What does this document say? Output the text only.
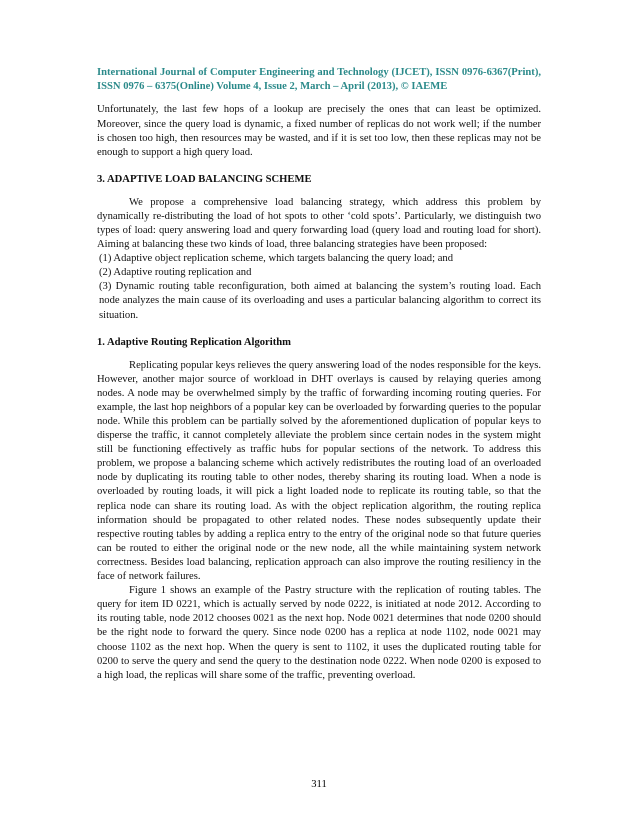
International Journal of Computer Engineering and Technology (IJCET), ISSN 0976-6367(Print), ISSN 0976 – 6375(Online) Volume 4, Issue 2, March – April (2013), © IAEME

Unfortunately, the last few hops of a lookup are precisely the ones that can least be optimized. Moreover, since the query load is dynamic, a fixed number of replicas do not work well; if the number is chosen too high, then resources may be wasted, and if it is set too low, then these replicas may not be enough to support a high query load.

3. ADAPTIVE LOAD BALANCING SCHEME

We propose a comprehensive load balancing strategy, which address this problem by dynamically re-distributing the load of hot spots to other ‘cold spots’. Particularly, we distinguish two types of load: query answering load and query forwarding load (query load and routing load for short). Aiming at balancing these two kinds of load, three balancing strategies have been proposed:

(1) Adaptive object replication scheme, which targets balancing the query load; and

(2) Adaptive routing replication and

(3) Dynamic routing table reconfiguration, both aimed at balancing the system’s routing load. Each node analyzes the main cause of its overloading and uses a particular balancing algorithm to correct its situation.

1. Adaptive Routing Replication Algorithm

Replicating popular keys relieves the query answering load of the nodes responsible for the keys. However, another major source of workload in DHT overlays is caused by relaying queries among nodes. A node may be overwhelmed simply by the traffic of forwarding incoming routing queries. For example, the last hop neighbors of a popular key can be overloaded by forwarding queries to the popular node. While this problem can be partially solved by the aforementioned duplication of popular keys to disperse the traffic, it cannot completely alleviate the problem since certain nodes in the system might still be functioning effectively as traffic hubs for popular sections of the network. To address this problem, we propose a balancing scheme which actively redistributes the routing load of an overloaded node by duplicating its routing table to other nodes, thereby sharing its routing load. When a node is overloaded by routing loads, it will pick a light loaded node to replicate its routing table, so that the replica node can share its routing load. As with the object replication algorithm, the routing replica information should be propagated to other related nodes. These nodes subsequently update their respective routing tables by adding a replica entry to the entry of the original node so that future queries can be routed to either the original node or the new node, all the while maintaining system network correctness. Besides load balancing, replication approach can also improve the routing resiliency in the face of network failures.

Figure 1 shows an example of the Pastry structure with the replication of routing tables. The query for item ID 0221, which is actually served by node 0222, is initiated at node 2012. According to its routing table, node 2012 chooses 0021 as the next hop. Node 0021 determines that node 0200 should be the right node to forward the query. Since node 0200 has a replica at node 1102, node 0021 may choose 1102 as the next hop. When the query is sent to 1102, it uses the duplicated routing table for 0200 to serve the query and send the query to the destination node 0222. When node 0200 is exposed to a high load, the replicas will share some of the traffic, preventing overload.

311
